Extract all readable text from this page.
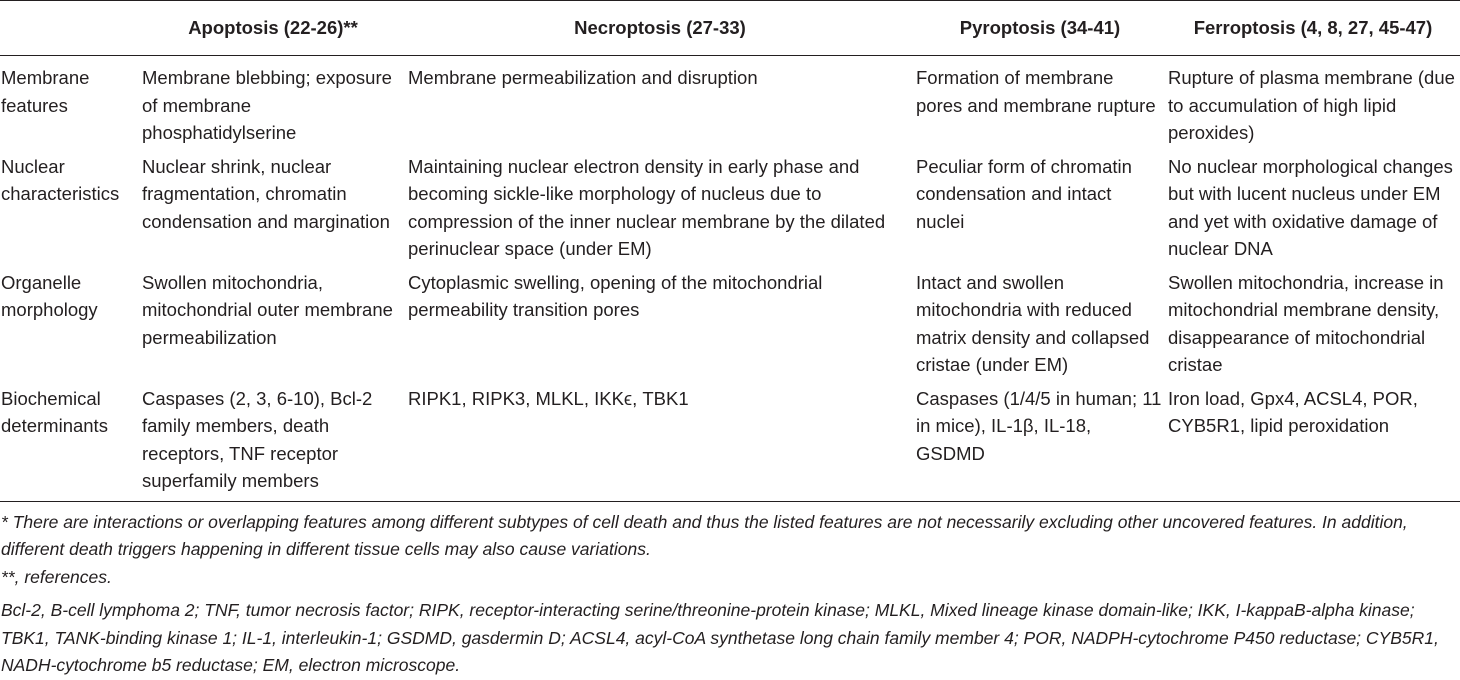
	Apoptosis (22-26)**	Necroptosis (27-33)	Pyroptosis (34-41)	Ferroptosis (4, 8, 27, 45-47)
Membrane features	Membrane blebbing; exposure of membrane phosphatidylserine	Membrane permeabilization and disruption	Formation of membrane pores and membrane rupture	Rupture of plasma membrane (due to accumulation of high lipid peroxides)
Nuclear characteristics	Nuclear shrink, nuclear fragmentation, chromatin condensation and margination	Maintaining nuclear electron density in early phase and becoming sickle-like morphology of nucleus due to compression of the inner nuclear membrane by the dilated perinuclear space (under EM)	Peculiar form of chromatin condensation and intact nuclei	No nuclear morphological changes but with lucent nucleus under EM and yet with oxidative damage of nuclear DNA
Organelle morphology	Swollen mitochondria, mitochondrial outer membrane permeabilization	Cytoplasmic swelling, opening of the mitochondrial permeability transition pores	Intact and swollen mitochondria with reduced matrix density and collapsed cristae (under EM)	Swollen mitochondria, increase in mitochondrial membrane density, disappearance of mitochondrial cristae
Biochemical determinants	Caspases (2, 3, 6-10), Bcl-2 family members, death receptors, TNF receptor superfamily members	RIPK1, RIPK3, MLKL, IKKϵ, TBK1	Caspases (1/4/5 in human; 11 in mice), IL-1β, IL-18, GSDMD	Iron load, Gpx4, ACSL4, POR, CYB5R1, lipid peroxidation

* There are interactions or overlapping features among different subtypes of cell death and thus the listed features are not necessarily excluding other uncovered features. In addition, different death triggers happening in different tissue cells may also cause variations.

**, references.

Bcl-2, B-cell lymphoma 2; TNF, tumor necrosis factor; RIPK, receptor-interacting serine/threonine-protein kinase; MLKL, Mixed lineage kinase domain-like; IKK, I-kappaB-alpha kinase; TBK1, TANK-binding kinase 1; IL-1, interleukin-1; GSDMD, gasdermin D; ACSL4, acyl-CoA synthetase long chain family member 4; POR, NADPH-cytochrome P450 reductase; CYB5R1, NADH-cytochrome b5 reductase; EM, electron microscope.
